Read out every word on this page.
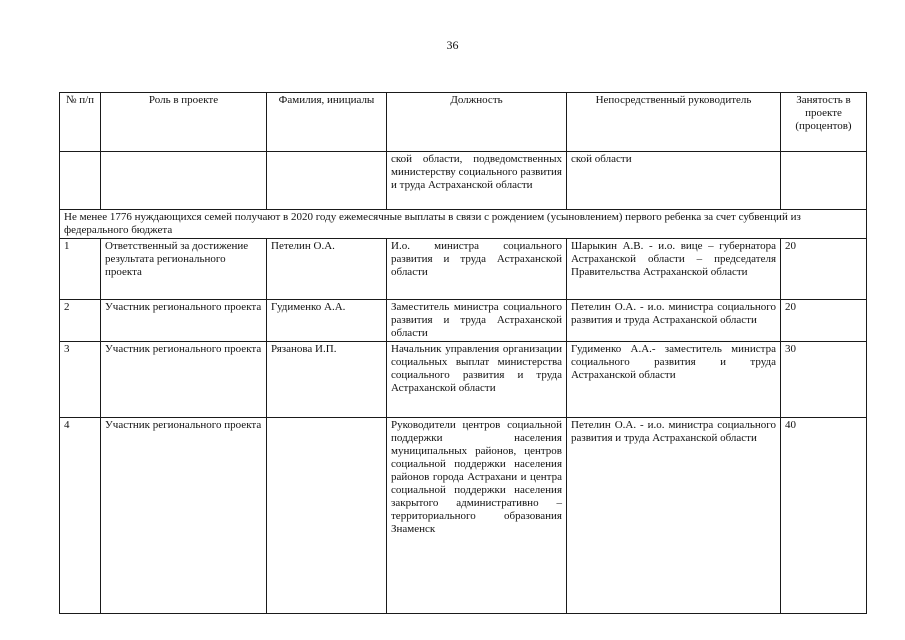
36
№ п/п	Роль в проекте	Фамилия, инициалы	Должность	Непосредственный руководитель	Занятость в проекте (процентов)
			ской области, подведомственных министерству социального развития и труда Астраханской области	ской области	
Не менее 1776 нуждающихся семей получают в 2020 году ежемесячные выплаты в связи с рождением (усыновлением) первого ребенка за счет субвенций из федерального бюджета					
1	Ответственный за достижение результата регионального проекта	Петелин О.А.	И.о. министра социального развития и труда Астраханской области	Шарыкин А.В. - и.о. вице – губернатора Астраханской области – председателя Правительства Астраханской области	20
2	Участник регионального проекта	Гудименко А.А.	Заместитель министра социального развития и труда Астраханской области	Петелин О.А. - и.о. министра социального развития и труда Астраханской области	20
3	Участник регионального проекта	Рязанова И.П.	Начальник управления организации социальных выплат министерства социального развития и труда Астраханской области	Гудименко А.А.- заместитель министра социального развития и труда Астраханской области	30
4	Участник регионального проекта		Руководители центров социальной поддержки населения муниципальных районов, центров социальной поддержки населения районов города Астрахани и центра социальной поддержки населения закрытого административно – территориального образования Знаменск	Петелин О.А. - и.о. министра социального развития и труда Астраханской области	40
